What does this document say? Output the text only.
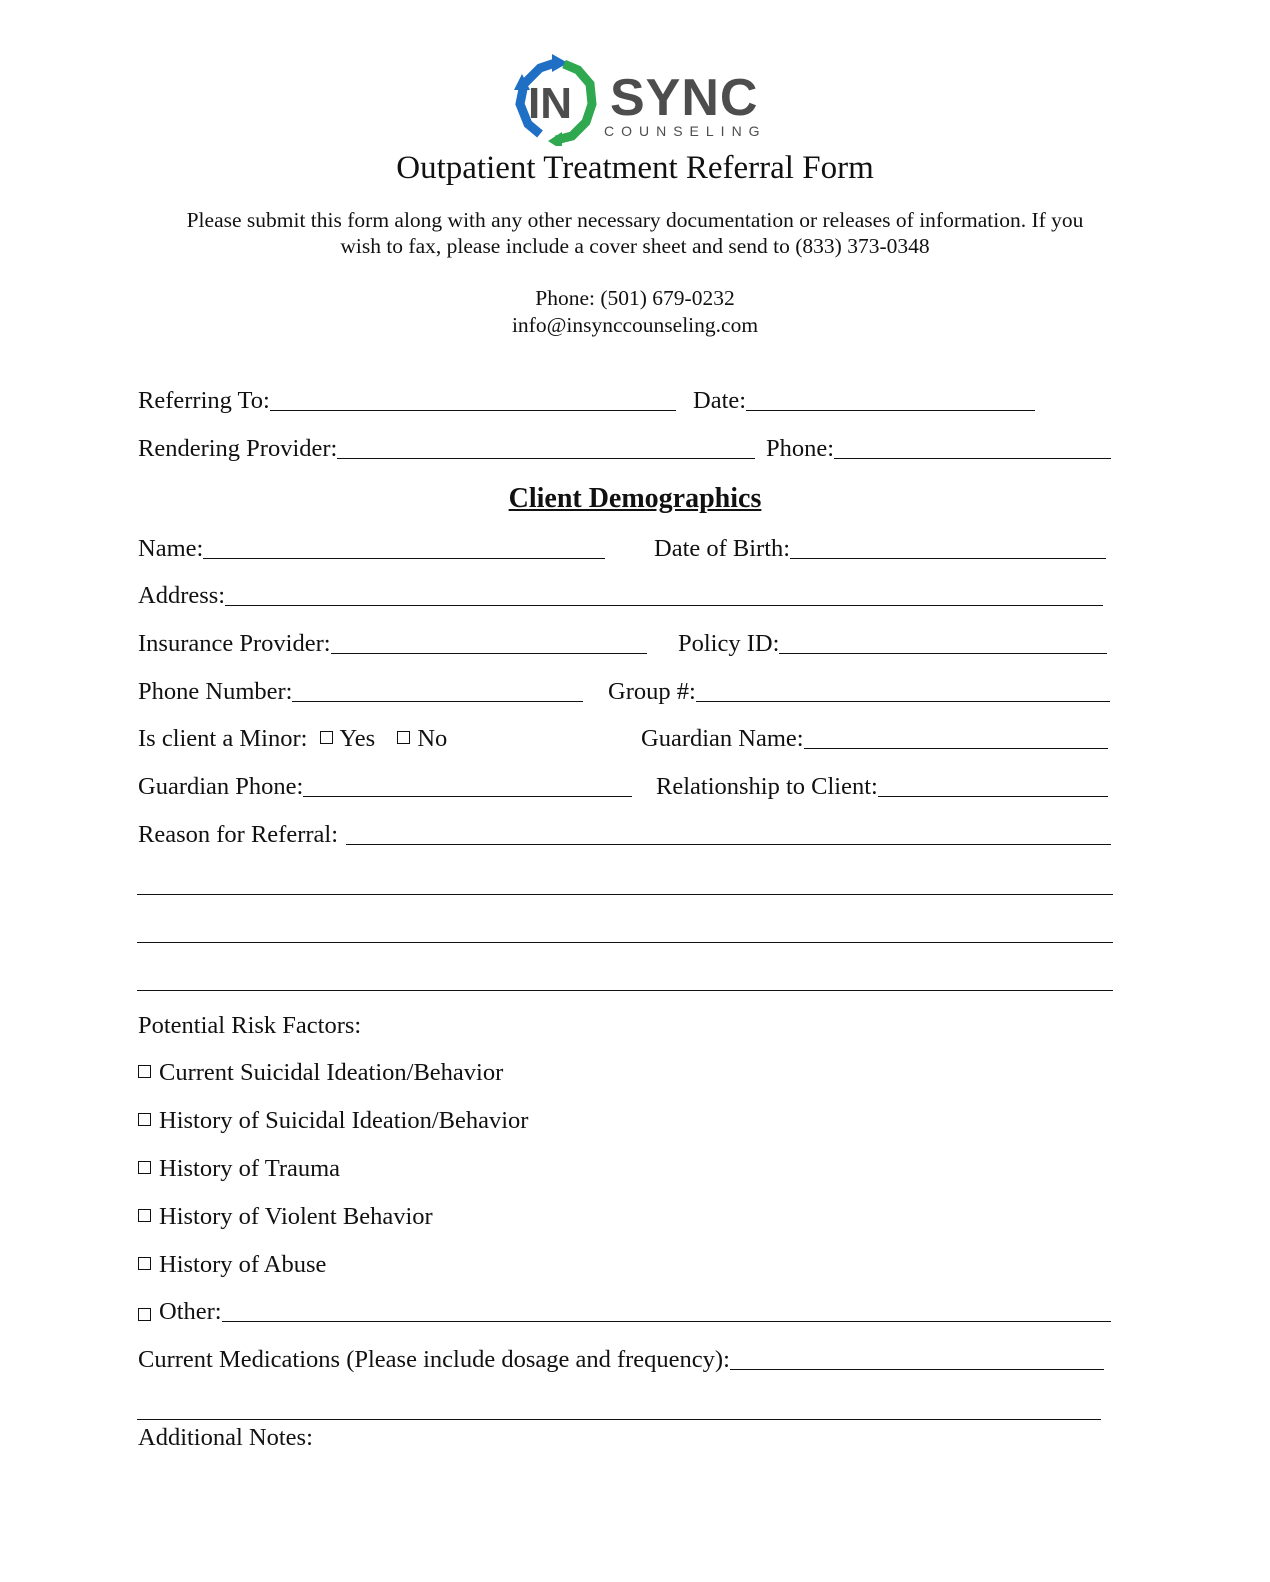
IN SYNC
COUNSELING
Outpatient Treatment Referral Form
Please submit this form along with any other necessary documentation or releases of information. If you
wish to fax, please include a cover sheet and send to (833) 373-0348
Phone: (501) 679-0232
info@insynccounseling.com
Referring To:	Date:
Rendering Provider:	Phone:
Client Demographics
Name:	Date of Birth:
Address:
Insurance Provider:	Policy ID:
Phone Number:	Group #:
Is client a Minor: Yes No	Guardian Name:
Guardian Phone:	Relationship to Client:
Reason for Referral:
Potential Risk Factors:
Current Suicidal Ideation/Behavior
History of Suicidal Ideation/Behavior
History of Trauma
History of Violent Behavior
History of Abuse
Other:
Current Medications (Please include dosage and frequency):
Additional Notes:
